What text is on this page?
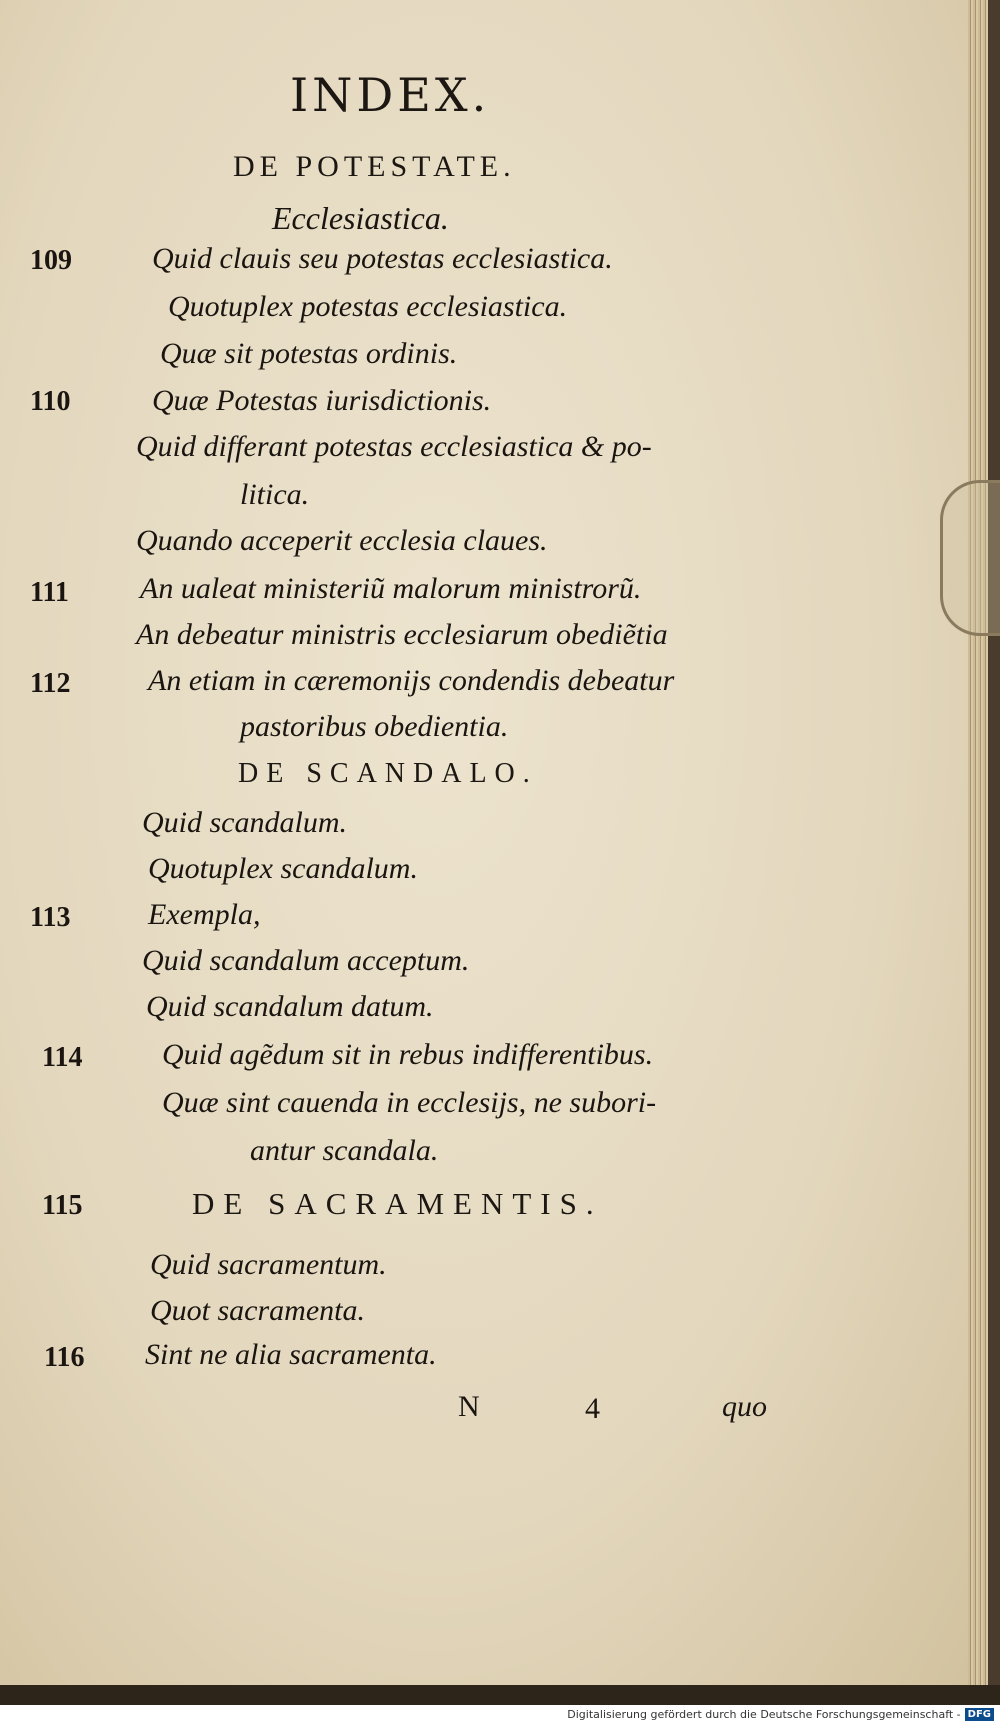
INDEX.
DE POTESTATE.
Ecclesiastica.
109	Quid clauis seu potestas ecclesiastica.
Quotuplex potestas ecclesiastica.
Quæ sit potestas ordinis.
110	Quæ Potestas iurisdictionis.
Quid differant potestas ecclesiastica & po-
litica.
Quando acceperit ecclesia claues.
111 An ualeat ministeriũ malorum ministrorũ.
An debeatur ministris ecclesiarum obediẽtia
112	An etiam in cæremonijs condendis debeatur
pastoribus obedientia.
DE SCANDALO.
Quid scandalum.
Quotuplex scandalum.
113	Exempla,
Quid scandalum acceptum.
Quid scandalum datum.
114	Quid agẽdum sit in rebus indifferentibus.
Quæ sint cauenda in ecclesijs, ne subori-
antur scandala.
115	DE SACRAMENTIS.
Quid sacramentum.
Quot sacramenta.
116 Sint ne alia sacramenta.
N	4	quo
Digitalisierung gefördert durch die Deutsche Forschungsgemeinschaft - DFG
